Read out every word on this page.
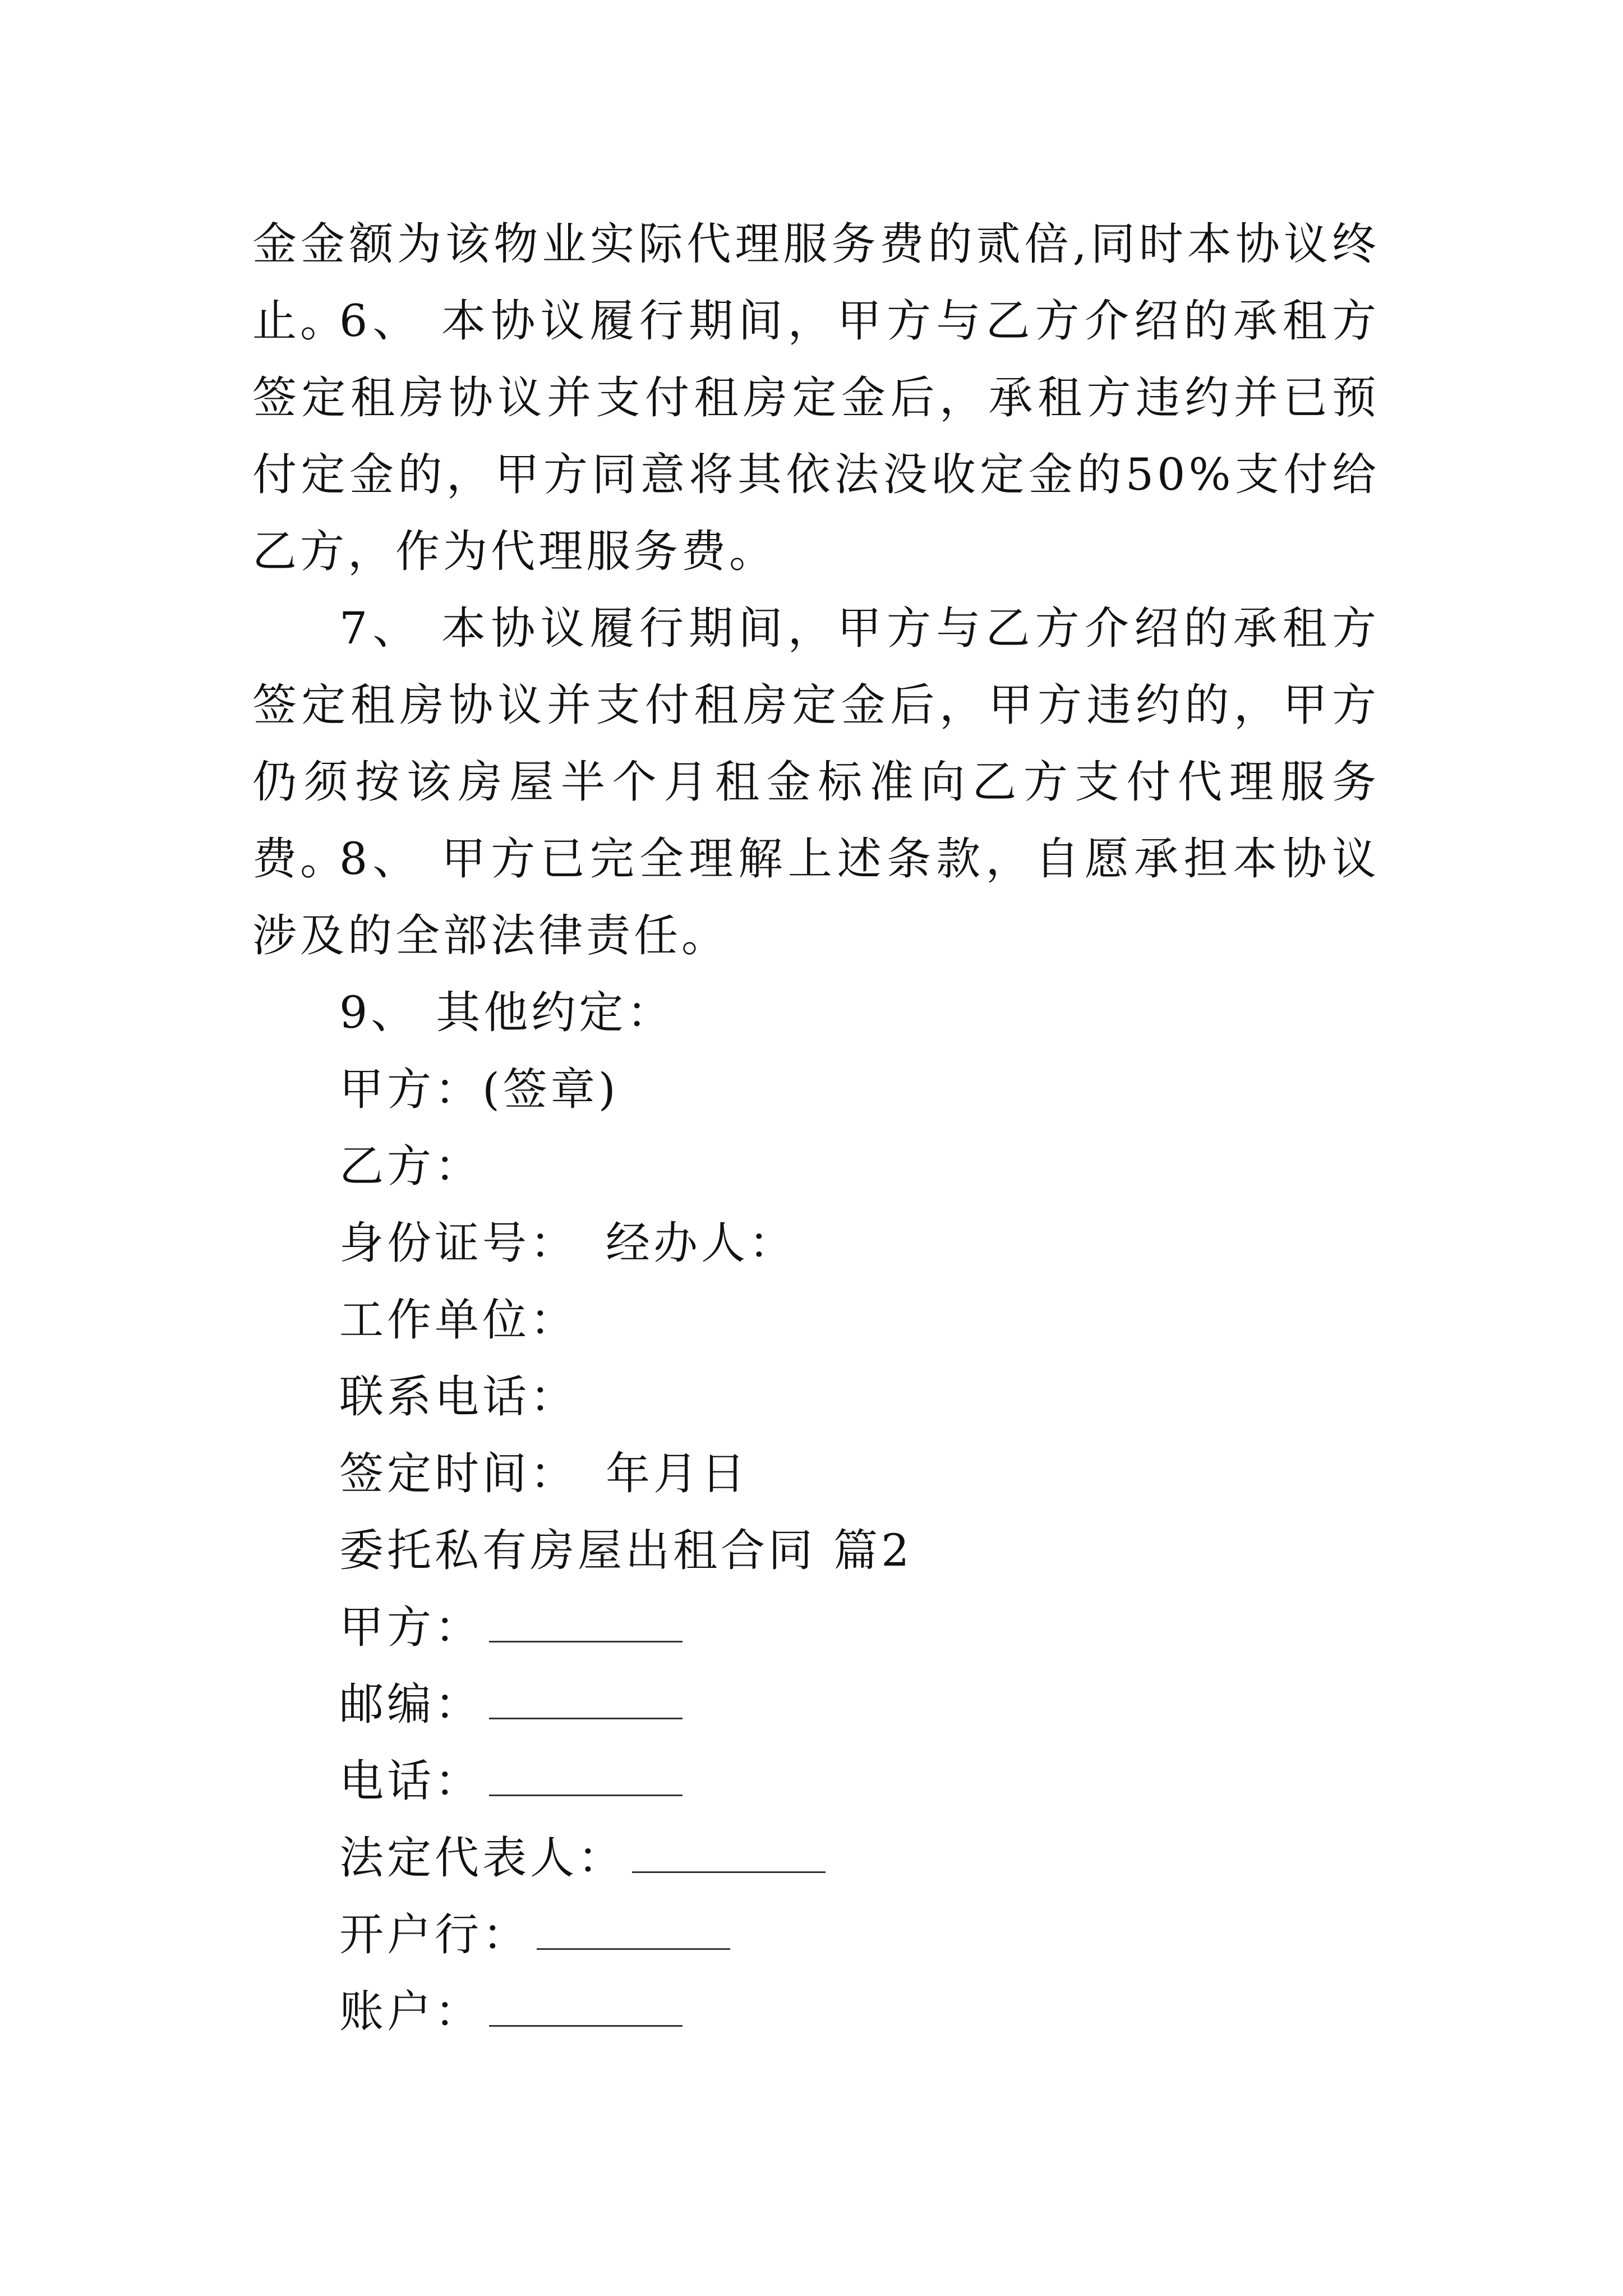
金金额为该物业实际代理服务费的贰倍,同时本协议终止。

6、 本协议履行期间，甲方与乙方介绍的承租方签定租房协议并支付租房定金后，承租方违约并已预付定金的，甲方同意将其依法没收定金的50%支付给乙方，作为代理服务费。

7、 本协议履行期间，甲方与乙方介绍的承租方签定租房协议并支付租房定金后，甲方违约的，甲方仍须按该房屋半个月租金标准向乙方支付代理服务费。

8、 甲方已完全理解上述条款，自愿承担本协议涉及的全部法律责任。

9、 其他约定：

甲方：(签章)

乙方：

身份证号： 经办人：

工作单位：

联系电话：

签定时间： 年月日

委托私有房屋出租合同 篇2

甲方：

邮编：

电话：

法定代表人：

开户行：

账户：
